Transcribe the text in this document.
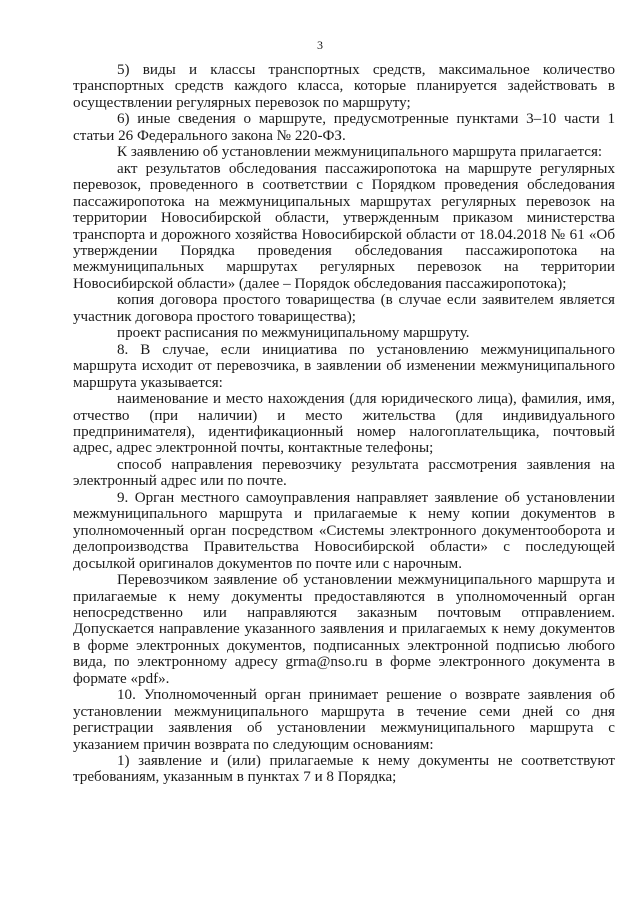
3

5) виды и классы транспортных средств, максимальное количество транспортных средств каждого класса, которые планируется задействовать в осуществлении регулярных перевозок по маршруту;

6) иные сведения о маршруте, предусмотренные пунктами 3–10 части 1 статьи 26 Федерального закона № 220-ФЗ.

К заявлению об установлении межмуниципального маршрута прилагается:

акт результатов обследования пассажиропотока на маршруте регулярных перевозок, проведенного в соответствии с Порядком проведения обследования пассажиропотока на межмуниципальных маршрутах регулярных перевозок на территории Новосибирской области, утвержденным приказом министерства транспорта и дорожного хозяйства Новосибирской области от 18.04.2018 № 61 «Об утверждении Порядка проведения обследования пассажиропотока на межмуниципальных маршрутах регулярных перевозок на территории Новосибирской области» (далее – Порядок обследования пассажиропотока);

копия договора простого товарищества (в случае если заявителем является участник договора простого товарищества);

проект расписания по межмуниципальному маршруту.

8. В случае, если инициатива по установлению межмуниципального маршрута исходит от перевозчика, в заявлении об изменении межмуниципального маршрута указывается:

наименование и место нахождения (для юридического лица), фамилия, имя, отчество (при наличии) и место жительства (для индивидуального предпринимателя), идентификационный номер налогоплательщика, почтовый адрес, адрес электронной почты, контактные телефоны;

способ направления перевозчику результата рассмотрения заявления на электронный адрес или по почте.

9. Орган местного самоуправления направляет заявление об установлении межмуниципального маршрута и прилагаемые к нему копии документов в уполномоченный орган посредством «Системы электронного документооборота и делопроизводства Правительства Новосибирской области» с последующей досылкой оригиналов документов по почте или с нарочным.

Перевозчиком заявление об установлении межмуниципального маршрута и прилагаемые к нему документы предоставляются в уполномоченный орган непосредственно или направляются заказным почтовым отправлением. Допускается направление указанного заявления и прилагаемых к нему документов в форме электронных документов, подписанных электронной подписью любого вида, по электронному адресу grma@nso.ru в форме электронного документа в формате «pdf».

10. Уполномоченный орган принимает решение о возврате заявления об установлении межмуниципального маршрута в течение семи дней со дня регистрации заявления об установлении межмуниципального маршрута с указанием причин возврата по следующим основаниям:

1) заявление и (или) прилагаемые к нему документы не соответствуют требованиям, указанным в пунктах 7 и 8 Порядка;
